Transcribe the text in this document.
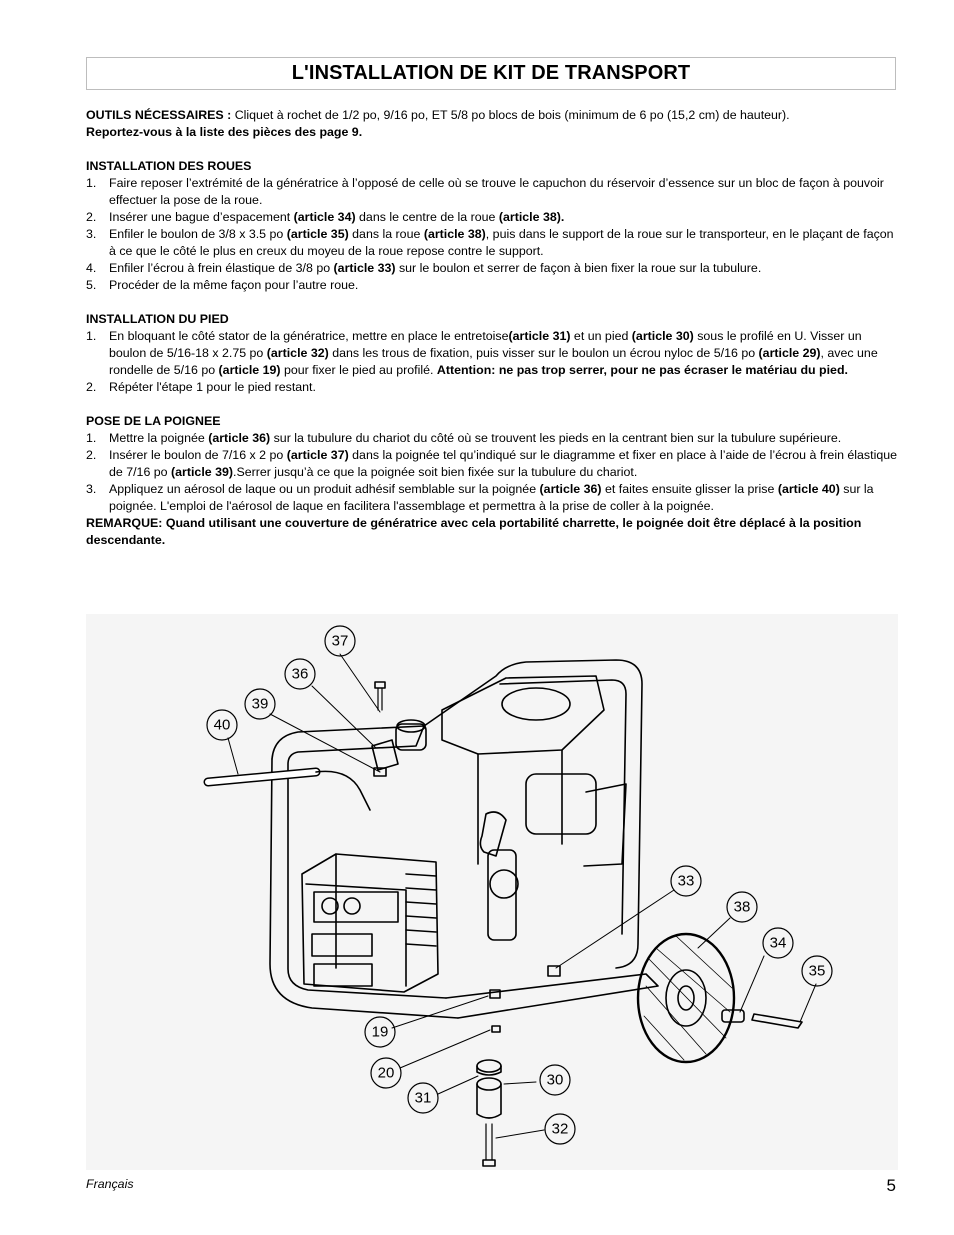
L'INSTALLATION DE KIT DE TRANSPORT

OUTILS NÉCESSAIRES : Cliquet à rochet de 1/2 po, 9/16 po, ET 5/8 po blocs de bois (minimum de 6 po (15,2 cm) de hauteur).
Reportez-vous à la liste des pièces des page 9.

INSTALLATION DES ROUES

1. Faire reposer l’extrémité de la génératrice à l’opposé de celle où se trouve le capuchon du réservoir d’essence sur un bloc de façon à pouvoir effectuer la pose de la roue.
2. Insérer une bague d’espacement (article 34) dans le centre de la roue (article 38).
3. Enfiler le boulon de 3/8 x 3.5 po (article 35) dans la roue (article 38), puis dans le support de la roue sur le transporteur, en le plaçant de façon à ce que le côté le plus en creux du moyeu de la roue repose contre le support.
4. Enfiler l’écrou à frein élastique de 3/8 po (article 33) sur le boulon et serrer de façon à bien fixer la roue sur la tubulure.
5. Procéder de la même façon pour l’autre roue.

INSTALLATION DU PIED

1. En bloquant le côté stator de la génératrice, mettre en place le entretoise(article 31) et un pied (article 30) sous le profilé en U. Visser un boulon de 5/16-18 x 2.75 po (article 32) dans les trous de fixation, puis visser sur le boulon un écrou nyloc de 5/16 po (article 29), avec une rondelle de 5/16 po (article 19) pour fixer le pied au profilé. Attention: ne pas trop serrer, pour ne pas écraser le matériau du pied.
2. Répéter l'étape 1 pour le pied restant.

POSE DE LA POIGNEE

1. Mettre la poignée (article 36) sur la tubulure du chariot du côté où se trouvent les pieds en la centrant bien sur la tubulure supérieure.
2. Insérer le boulon de 7/16 x 2 po (article 37) dans la poignée tel qu’indiqué sur le diagramme et fixer en place à l’aide de l’écrou à frein élastique de 7/16 po (article 39).Serrer jusqu’à ce que la poignée soit bien fixée sur la tubulure du chariot.
3. Appliquez un aérosol de laque ou un produit adhésif semblable sur la poignée (article 36) et faites ensuite glisser la prise (article 40) sur la poignée. L'emploi de l'aérosol de laque en facilitera l'assemblage et permettra à la prise de coller à la poignée.

REMARQUE: Quand utilisant une couverture de génératrice avec cela portabilité charrette, le poignée doit être déplacé à la position descendante.

37
36
39
40
33
38
34
35
19
20	30
31
32
Français	5
